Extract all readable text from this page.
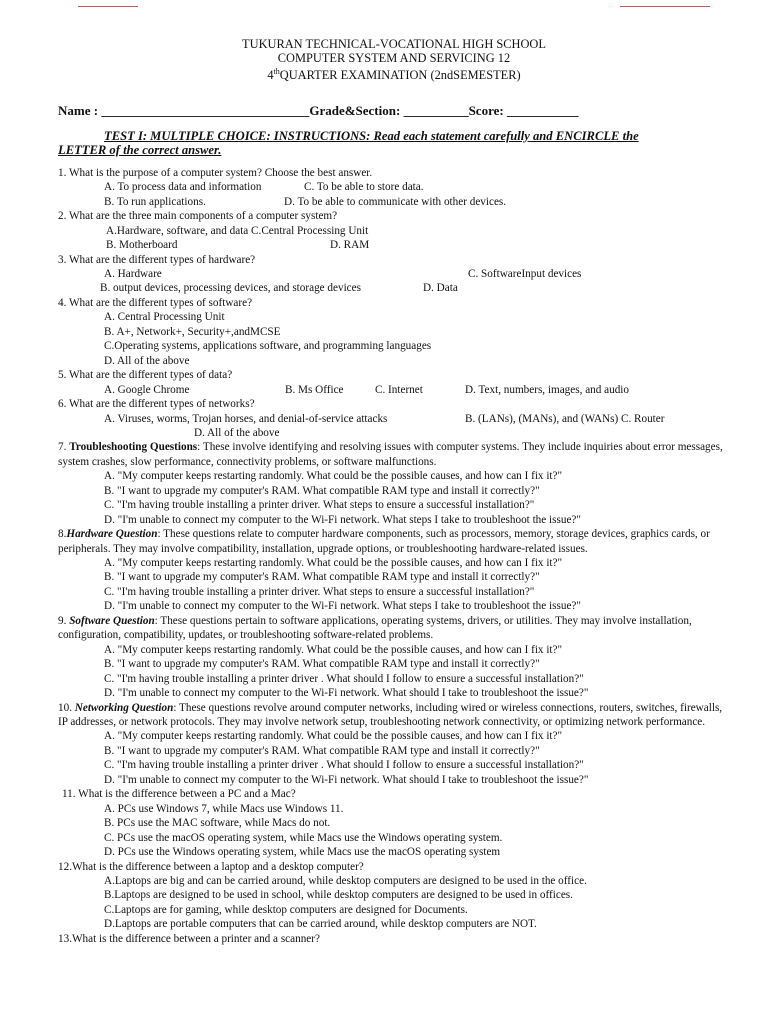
TUKURAN TECHNICAL-VOCATIONAL HIGH SCHOOL
COMPUTER SYSTEM AND SERVICING 12
4thQUARTER EXAMINATION (2ndSEMESTER)
Name : ________________________________Grade&Section: __________Score: ___________
TEST I: MULTIPLE CHOICE: INSTRUCTIONS: Read each statement carefully and ENCIRCLE the
LETTER of the correct answer.
1. What is the purpose of a computer system? Choose the best answer.
A. To process data and information	C. To be able to store data.
B. To run applications.	D. To be able to communicate with other devices.
2. What are the three main components of a computer system?
A.Hardware, software, and data C.Central Processing Unit
B. Motherboard	D. RAM
3. What are the different types of hardware?
A. Hardware	C. SoftwareInput devices
B. output devices, processing devices, and storage devices	D. Data
4. What are the different types of software?
A. Central Processing Unit
B. A+, Network+, Security+,andMCSE
C.Operating systems, applications software, and programming languages
D. All of the above
5. What are the different types of data?
A. Google Chrome	B. Ms Office	C. Internet	D. Text, numbers, images, and audio
6. What are the different types of networks?
A. Viruses, worms, Trojan horses, and denial-of-service attacks	B. (LANs), (MANs), and (WANs) C. Router
D. All of the above
7. Troubleshooting Questions: These involve identifying and resolving issues with computer systems. They include inquiries about error messages, system crashes, slow performance, connectivity problems, or software malfunctions.
A. "My computer keeps restarting randomly. What could be the possible causes, and how can I fix it?"
B. "I want to upgrade my computer's RAM. What compatible RAM type and install it correctly?"
C. "I'm having trouble installing a printer driver. What steps to ensure a successful installation?"
D. "I'm unable to connect my computer to the Wi-Fi network. What steps I take to troubleshoot the issue?"
8.Hardware Question: These questions relate to computer hardware components, such as processors, memory, storage devices, graphics cards, or peripherals. They may involve compatibility, installation, upgrade options, or troubleshooting hardware-related issues.
A. "My computer keeps restarting randomly. What could be the possible causes, and how can I fix it?"
B. "I want to upgrade my computer's RAM. What compatible RAM type and install it correctly?"
C. "I'm having trouble installing a printer driver. What steps to ensure a successful installation?"
D. "I'm unable to connect my computer to the Wi-Fi network. What steps I take to troubleshoot the issue?"
9. Software Question: These questions pertain to software applications, operating systems, drivers, or utilities. They may involve installation, configuration, compatibility, updates, or troubleshooting software-related problems.
A. "My computer keeps restarting randomly. What could be the possible causes, and how can I fix it?"
B. "I want to upgrade my computer's RAM. What compatible RAM type and install it correctly?"
C. "I'm having trouble installing a printer driver . What should I follow to ensure a successful installation?"
D. "I'm unable to connect my computer to the Wi-Fi network. What should I take to troubleshoot the issue?"
10. Networking Question: These questions revolve around computer networks, including wired or wireless connections, routers, switches, firewalls, IP addresses, or network protocols. They may involve network setup, troubleshooting network connectivity, or optimizing network performance.
A. "My computer keeps restarting randomly. What could be the possible causes, and how can I fix it?"
B. "I want to upgrade my computer's RAM. What compatible RAM type and install it correctly?"
C. "I'm having trouble installing a printer driver . What should I follow to ensure a successful installation?"
D. "I'm unable to connect my computer to the Wi-Fi network. What should I take to troubleshoot the issue?"
11. What is the difference between a PC and a Mac?
A. PCs use Windows 7, while Macs use Windows 11.
B. PCs use the MAC software, while Macs do not.
C. PCs use the macOS operating system, while Macs use the Windows operating system.
D. PCs use the Windows operating system, while Macs use the macOS operating system
12.What is the difference between a laptop and a desktop computer?
A.Laptops are big and can be carried around, while desktop computers are designed to be used in the office.
B.Laptops are designed to be used in school, while desktop computers are designed to be used in offices.
C.Laptops are for gaming, while desktop computers are designed for Documents.
D.Laptops are portable computers that can be carried around, while desktop computers are NOT.
13.What is the difference between a printer and a scanner?
